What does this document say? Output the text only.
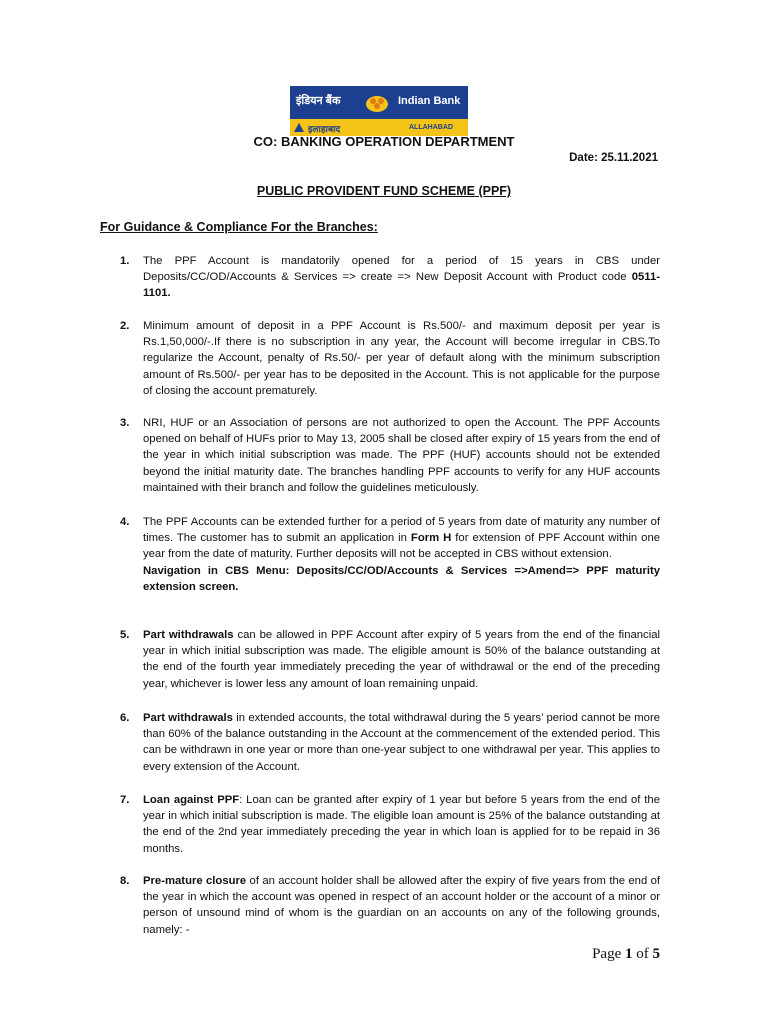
इंडियन बैंक	Indian Bank
इलाहाबाद	ALLAHABAD
CO: BANKING OPERATION DEPARTMENT
Date: 25.11.2021
PUBLIC PROVIDENT FUND SCHEME (PPF)
For Guidance & Compliance For the Branches:
1. The PPF Account is mandatorily opened for a period of 15 years in CBS under Deposits/CC/OD/Accounts & Services => create => New Deposit Account with Product code 0511-1101.
2. Minimum amount of deposit in a PPF Account is Rs.500/- and maximum deposit per year is Rs.1,50,000/-.If there is no subscription in any year, the Account will become irregular in CBS.To regularize the Account, penalty of Rs.50/- per year of default along with the minimum subscription amount of Rs.500/- per year has to be deposited in the Account. This is not applicable for the purpose of closing the account prematurely.
3. NRI, HUF or an Association of persons are not authorized to open the Account. The PPF Accounts opened on behalf of HUFs prior to May 13, 2005 shall be closed after expiry of 15 years from the end of the year in which initial subscription was made. The PPF (HUF) accounts should not be extended beyond the initial maturity date. The branches handling PPF accounts to verify for any HUF accounts maintained with their branch and follow the guidelines meticulously.
4. The PPF Accounts can be extended further for a period of 5 years from date of maturity any number of times. The customer has to submit an application in Form H for extension of PPF Account within one year from the date of maturity. Further deposits will not be accepted in CBS without extension.
Navigation in CBS Menu: Deposits/CC/OD/Accounts & Services =>Amend=> PPF maturity extension screen.
5. Part withdrawals can be allowed in PPF Account after expiry of 5 years from the end of the financial year in which initial subscription was made. The eligible amount is 50% of the balance outstanding at the end of the fourth year immediately preceding the year of withdrawal or the end of the preceding year, whichever is lower less any amount of loan remaining unpaid.
6. Part withdrawals in extended accounts, the total withdrawal during the 5 years’ period cannot be more than 60% of the balance outstanding in the Account at the commencement of the extended period. This can be withdrawn in one year or more than one-year subject to one withdrawal per year. This applies to every extension of the Account.
7. Loan against PPF: Loan can be granted after expiry of 1 year but before 5 years from the end of the year in which initial subscription is made. The eligible loan amount is 25% of the balance outstanding at the end of the 2nd year immediately preceding the year in which loan is applied for to be repaid in 36 months.
8. Pre-mature closure of an account holder shall be allowed after the expiry of five years from the end of the year in which the account was opened in respect of an account holder or the account of a minor or person of unsound mind of whom is the guardian on an accounts on any of the following grounds, namely: -
Page 1 of 5
